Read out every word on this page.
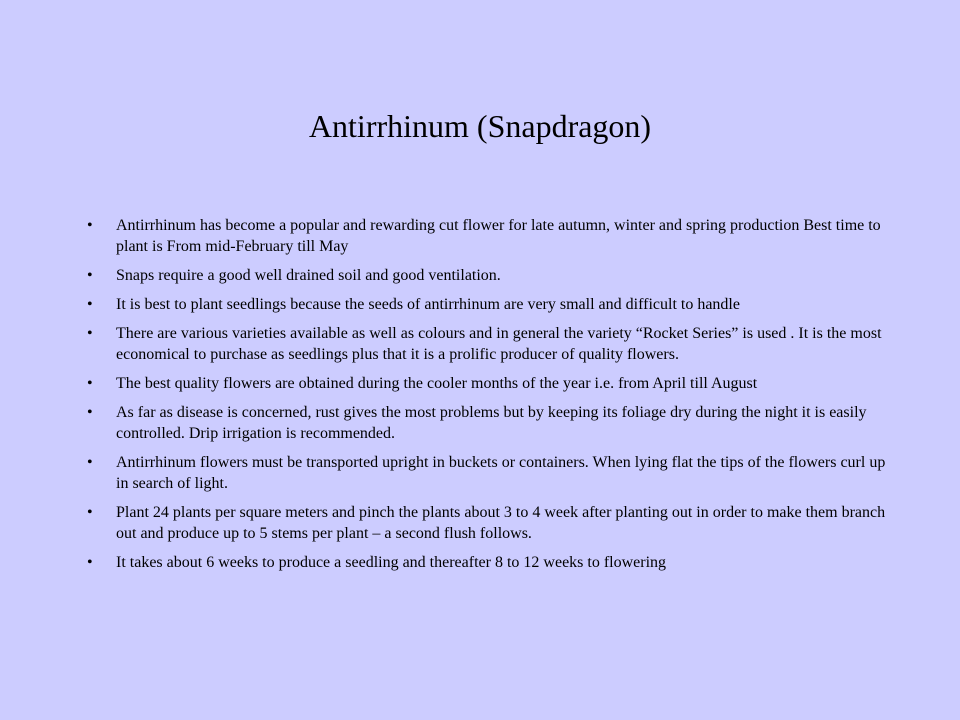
Antirrhinum (Snapdragon)
•	Antirrhinum has become a popular and rewarding cut flower for late autumn, winter and spring production Best time to plant is From mid-February till May
•	Snaps require a good well drained soil and good ventilation.
•	It is best to plant seedlings because the seeds of antirrhinum are very small and difficult to handle
•	There are various varieties available as well as colours and in general the variety “Rocket Series” is used . It is the most economical to purchase as seedlings plus that it is a prolific producer of quality flowers.
•	The best quality flowers are obtained during the cooler months of the year i.e. from April till August
•	As far as disease is concerned, rust gives the most problems but by keeping its foliage dry during the night it is easily controlled. Drip irrigation is recommended.
•	Antirrhinum flowers must be transported upright in buckets or containers. When lying flat the tips of the flowers curl up in search of light.
•	Plant 24 plants per square meters and pinch the plants about 3 to 4 week after planting out in order to make them branch out and produce up to 5 stems per plant – a second flush follows.
•	It takes about 6 weeks to produce a seedling and thereafter 8 to 12 weeks to flowering
